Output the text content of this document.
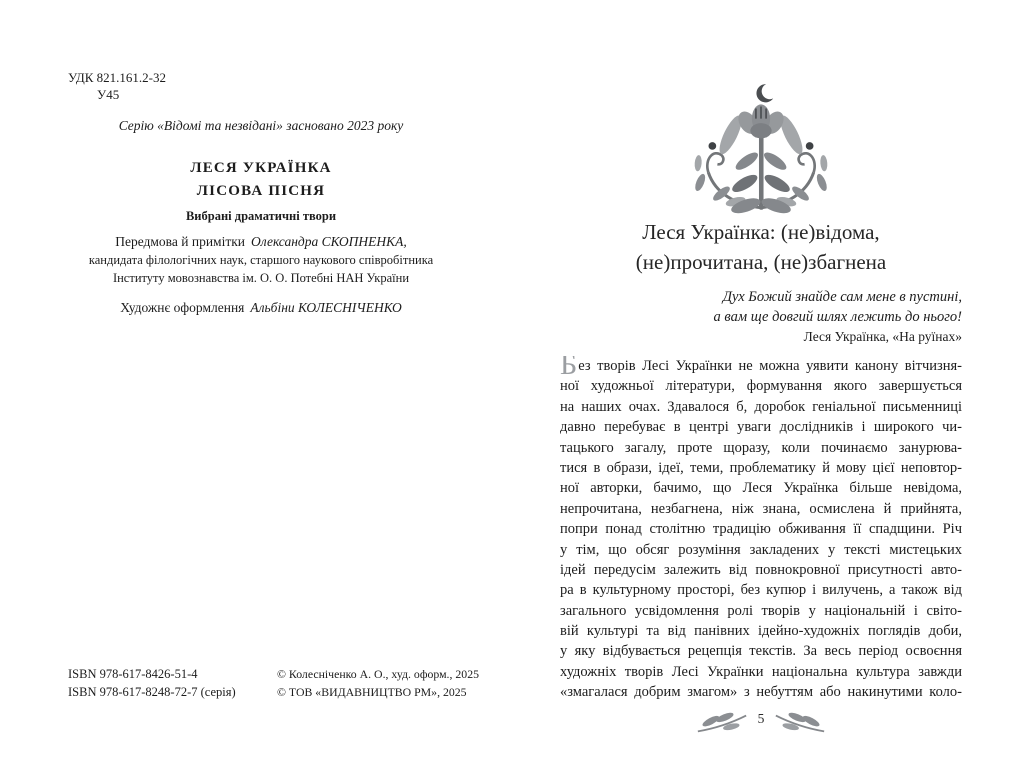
УДК 821.161.2-32
У45
Серію «Відомі та незвідані» засновано 2023 року
ЛЕСЯ УКРАЇНКА
ЛІСОВА ПІСНЯ
Вибрані драматичні твори
Передмова й примітки Олександра СКОПНЕНКА,
кандидата філологічних наук, старшого наукового співробітника
Інституту мовознавства ім. О. О. Потебні НАН України
Художнє оформлення Альбіни КОЛЕСНІЧЕНКО
ISBN 978-617-8426-51-4
ISBN 978-617-8248-72-7 (серія)
© Колесніченко А. О., худ. оформ., 2025
© ТОВ «ВИДАВНИЦТВО РМ», 2025
Леся Українка: (не)відома,
(не)прочитана, (не)збагнена
Дух Божий знайде сам мене в пустині,
а вам ще довгий шлях лежить до нього!
Леся Українка, «На руїнах»
Без творів Лесі Українки не можна уявити канону вітчизня-
ної художньої літератури, формування якого завершується
на наших очах. Здавалося б, доробок геніальної письменниці
давно перебуває в центрі уваги дослідників і широкого чи-
тацького загалу, проте щоразу, коли починаємо занурюва-
тися в образи, ідеї, теми, проблематику й мову цієї неповтор-
ної авторки, бачимо, що Леся Українка більше невідома,
непрочитана, незбагнена, ніж знана, осмислена й прийнята,
попри понад столітню традицію обживання її спадщини. Річ
у тім, що обсяг розуміння закладених у тексті мистецьких
ідей передусім залежить від повнокровної присутності авто-
ра в культурному просторі, без купюр і вилучень, а також від
загального усвідомлення ролі творів у національній і світо-
вій культурі та від панівних ідейно-художніх поглядів доби,
у яку відбувається рецепція текстів. За весь період освоєння
художніх творів Лесі Українки національна культура завжди
«змагалася добрим змагом» з небуттям або накинутими коло-
5
